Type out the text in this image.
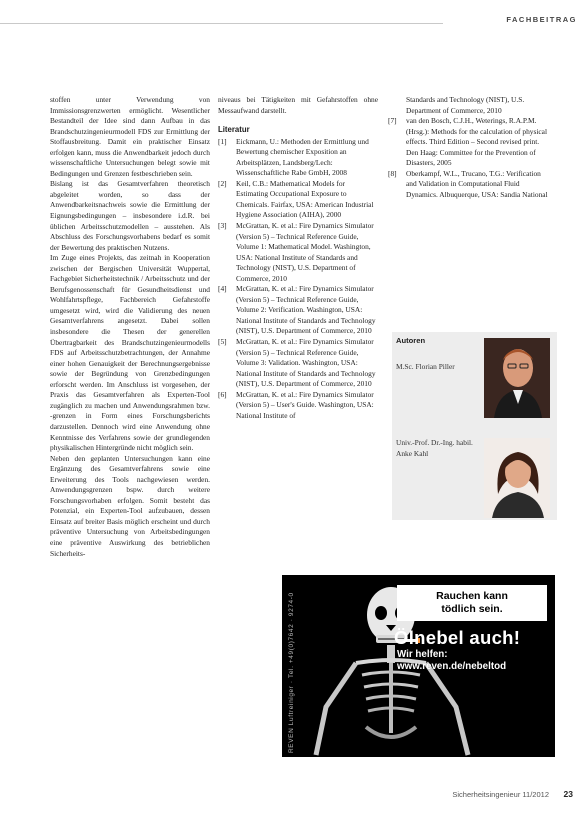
FACHBEITRAG

stoffen unter Verwendung von Immissionsgrenzwerten ermöglicht. Wesentlicher Bestandteil der Idee sind dann Aufbau in das Brandschutzingenieurmodell FDS zur Ermittlung der Stoffausbreitung. Damit ein praktischer Einsatz erfolgen kann, muss die Anwendbarkeit jedoch durch wissenschaftliche Untersuchungen belegt sowie mit Bedingungen und Grenzen festbeschrieben sein.

Bislang ist das Gesamtverfahren theoretisch abgeleitet worden, so dass der Anwendbarkeitsnachweis sowie die Ermittlung der Eignungsbedingungen – insbesondere i.d.R. bei üblichen Arbeitsschutzmodellen – ausstehen. Als Abschluss des Forschungsvorhabens bedarf es somit der Bewertung des praktischen Nutzens.

Im Zuge eines Projekts, das zeitnah in Kooperation zwischen der Bergischen Universität Wuppertal, Fachgebiet Sicherheitstechnik / Arbeitsschutz und der Berufsgenossenschaft für Gesundheitsdienst und Wohlfahrtspflege, Fachbereich Gefahrstoffe umgesetzt wird, wird die Validierung des neuen Gesamtverfahrens angesetzt. Dabei sollen insbesondere die Thesen der generellen Übertragbarkeit des Brandschutzingenieurmodells FDS auf Arbeitsschutzbetrachtungen, der Annahme einer hohen Genauigkeit der Berechnungsergebnisse sowie der Begründung von Grenzbedingungen erforscht werden. Im Anschluss ist vorgesehen, der Praxis das Gesamtverfahren als Experten-Tool zugänglich zu machen und Anwendungsrahmen bzw. -grenzen in Form eines Forschungsberichts darzustellen. Dennoch wird eine Anwendung ohne Kenntnisse des Verfahrens sowie der grundlegenden physikalischen Hintergründe nicht möglich sein.

Neben den geplanten Untersuchungen kann eine Ergänzung des Gesamtverfahrens sowie eine Erweiterung des Tools nachgewiesen werden. Anwendungsgrenzen bspw. durch weitere Forschungsvorhaben erfolgen. Somit besteht das Potenzial, ein Experten-Tool aufzubauen, dessen Einsatz auf breiter Basis möglich erscheint und durch präventive Untersuchung von Arbeitsbedingungen eine präventive Auswirkung des betrieblichen Sicherheits-

niveaus bei Tätigkeiten mit Gefahrstoffen ohne Messaufwand darstellt.

Literatur
[1]	Eickmann, U.: Methoden der Ermittlung und Bewertung chemischer Exposition an Arbeitsplätzen, Landsberg/Lech: Wissenschaftliche Rabe GmbH, 2008
[2]	Keil, C.B.: Mathematical Models for Estimating Occupational Exposure to Chemicals. Fairfax, USA: American Industrial Hygiene Association (AIHA), 2000
[3]	McGrattan, K. et al.: Fire Dynamics Simulator (Version 5) – Technical Reference Guide, Volume 1: Mathematical Model. Washington, USA: National Institute of Standards and Technology (NIST), U.S. Department of Commerce, 2010
[4]	McGrattan, K. et al.: Fire Dynamics Simulator (Version 5) – Technical Reference Guide, Volume 2: Verification. Washington, USA: National Institute of Standards and Technology (NIST), U.S. Department of Commerce, 2010
[5]	McGrattan, K. et al.: Fire Dynamics Simulator (Version 5) – Technical Reference Guide, Volume 3: Validation. Washington, USA: National Institute of Standards and Technology (NIST), U.S. Department of Commerce, 2010
[6]	McGrattan, K. et al.: Fire Dynamics Simulator (Version 5) – User's Guide. Washington, USA: National Institute of
Standards and Technology (NIST), U.S. Department of Commerce, 2010
[7]	van den Bosch, C.J.H., Weterings, R.A.P.M. (Hrsg.): Methods for the calculation of physical effects. Third Edition – Second revised print. Den Haag: Committee for the Prevention of Disasters, 2005
[8]	Oberkampf, W.L., Trucano, T.G.: Verification and Validation in Computational Fluid Dynamics. Albuquerque, USA: Sandia National
Autoren
M.Sc. Florian Piller
Univ.-Prof. Dr.-Ing. habil. Anke Kahl
REVEN Luftreiniger · Tel. +49(0)7642 · 9274-0	Rauchen kann
tödlich sein.
Ölnebel auch!
Wir helfen:
www.reven.de/nebeltod
Sicherheitsingenieur 11/2012 23
